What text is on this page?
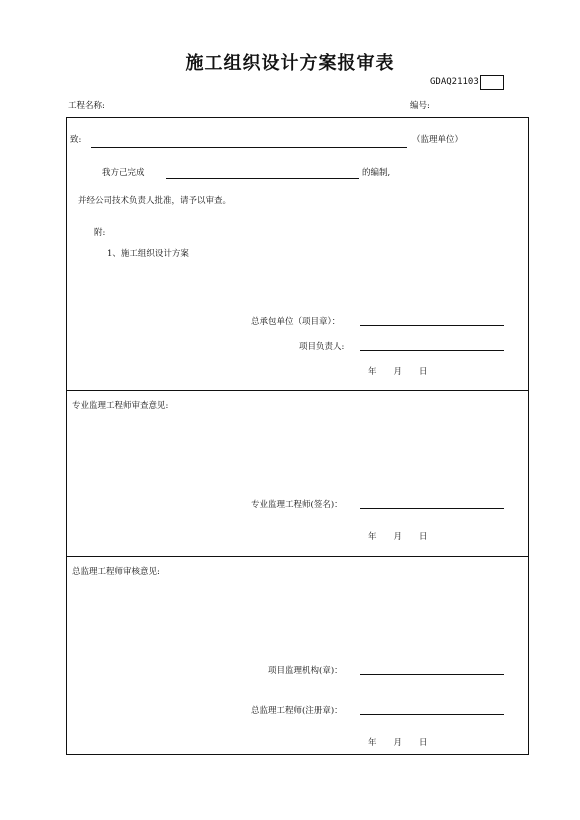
施工组织设计方案报审表
GDAQ21103
工程名称:	编号:
致:	（监理单位）
我方己完成	的编制,
并经公司技术负责人批准，请予以审查。
附:
1、施工组织设计方案
总承包单位（项目章）：
项目负责人:
年　　月　　日
专业监理工程师审查意见:
专业监理工程师(签名)：
年　　月　　日
总监理工程师审核意见:
项目监理机构(章)：
总监理工程师(注册章)：
年　　月　　日
